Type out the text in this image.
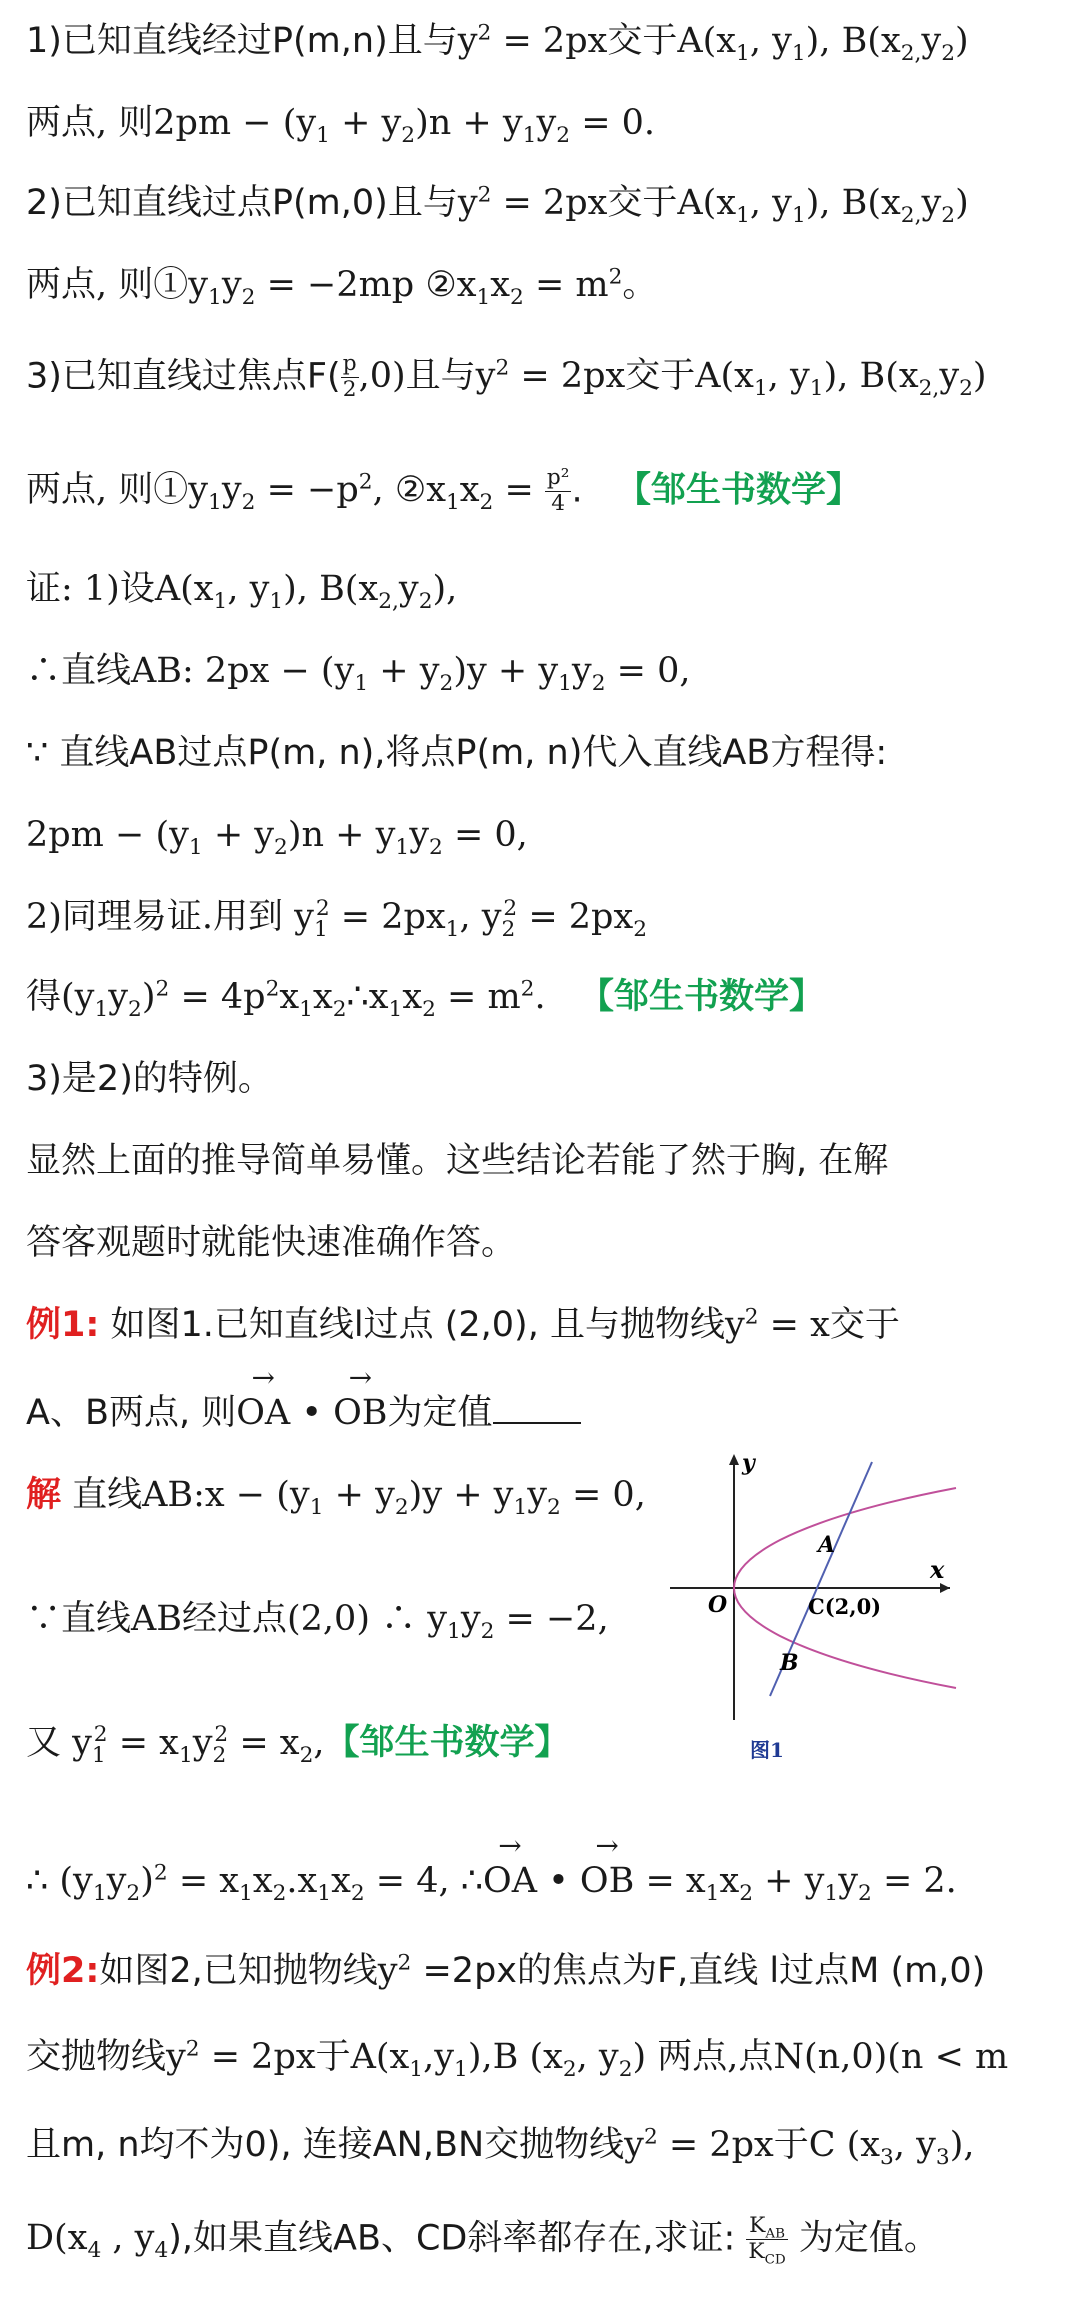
1)已知直线经过P(m,n)且与$y^2 = 2px$交于$A(x_1$, $y_1$), $B(x_{2,}y_2)$
两点, 则$2pm - (y_1 + y_2)n + y_1y_2 = 0$.
2)已知直线过点P(m,0)且与$y^2 = 2px$交于$A(x_1$, $y_1$), $B(x_{2,}y_2)$
两点, 则$①y_1y_2 = -2mp$ $②x_1x_2 = m^2$。
3)已知直线过焦点$F( \frac{p}{2} ,0)$且与$y^2 = 2px$交于$A(x_1$, $y_1$), $B(x_{2,}y_2)$
两点, 则$①y_1y_2 = -p^2$, $②x_1x_2 = \frac{\text{p²}}{4}$ . 【邹生书数学】
证: 1)设$A(x_1$, $y_1$), $B(x_{2,}y_2)$,
∴直线AB: $2px - (y_1 + y_2)y + y_1y_2 = 0$,
∵ 直线AB过点P(m, n),将点P(m, n)代入直线AB方程得:
$2pm - (y_1 + y_2)n + y_1y_2 = 0$,
2)同理易证.用到 $y_1^2 = 2px_1$, $y_2^2 = 2px_2$
得$(y_1y_2)^2$ = $4p^2x_1x_2\therefore x_1x_2 = m^2$. 【邹生书数学】
3)是2)的特例。
显然上面的推导简单易懂。这些结论若能了然于胸, 在解
答客观题时就能快速准确作答。
例1: 如图1.已知直线l过点 (2,0), 且与抛物线$y^2 = x$交于
A、B两点, 则→ OA • → OB为定值
解 直线AB:x − $(y_1 + y_2)y + y_1y_2 = 0$,
∵直线AB经过点(2,0) ∴ $y_1y_2 = -2$,
又 $y_1^2 = x_1y_2^2 = x_2$,【邹生书数学】
y
x
O
A
B
C(2,0)
图1
∴ $(y_1y_2)^2 = x_1x_2.x_1x_2 = 4$, ∴→ OA • → OB = $x_1x_2 + y_1y_2 = 2$.
例2:如图2,已知抛物线$y^2 =2px$的焦点为F,直线 l过点M (m,0)
交抛物线$y^2 = 2px$于$A(x_1,y_1),B$ ($x_2$, $y_2$) 两点,点N(n,0)(n < m
且m, n均不为0), 连接AN,BN交抛物线$y^2 = 2px$于C ($x_3$, $y_3$),
$D(x_4$ , $y_4$),如果直线AB、CD斜率都存在,求证: $\frac{K_{AB}}{K_{CD}}$ 为定值。
